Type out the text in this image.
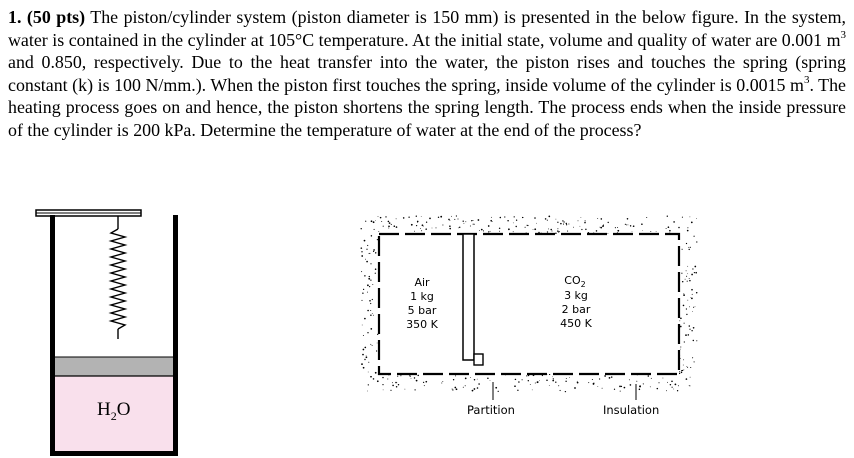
1. (50 pts) The piston/cylinder system (piston diameter is 150 mm) is presented in the below figure. In the system, water is contained in the cylinder at 105°C temperature. At the initial state, volume and quality of water are 0.001 $m^3$ and 0.850, respectively. Due to the heat transfer into the water, the piston rises and touches the spring (spring constant (k) is 100 N/mm.). When the piston first touches the spring, inside volume of the cylinder is 0.0015 $m^3$. The heating process goes on and hence, the piston shortens the spring length. The process ends when the inside pressure of the cylinder is 200 kPa. Determine the temperature of water at the end of the process?
$H_2O$
Air
1 kg
5 bar
350 K
$CO_2$
3 kg
2 bar
450 K
Partition	Insulation
